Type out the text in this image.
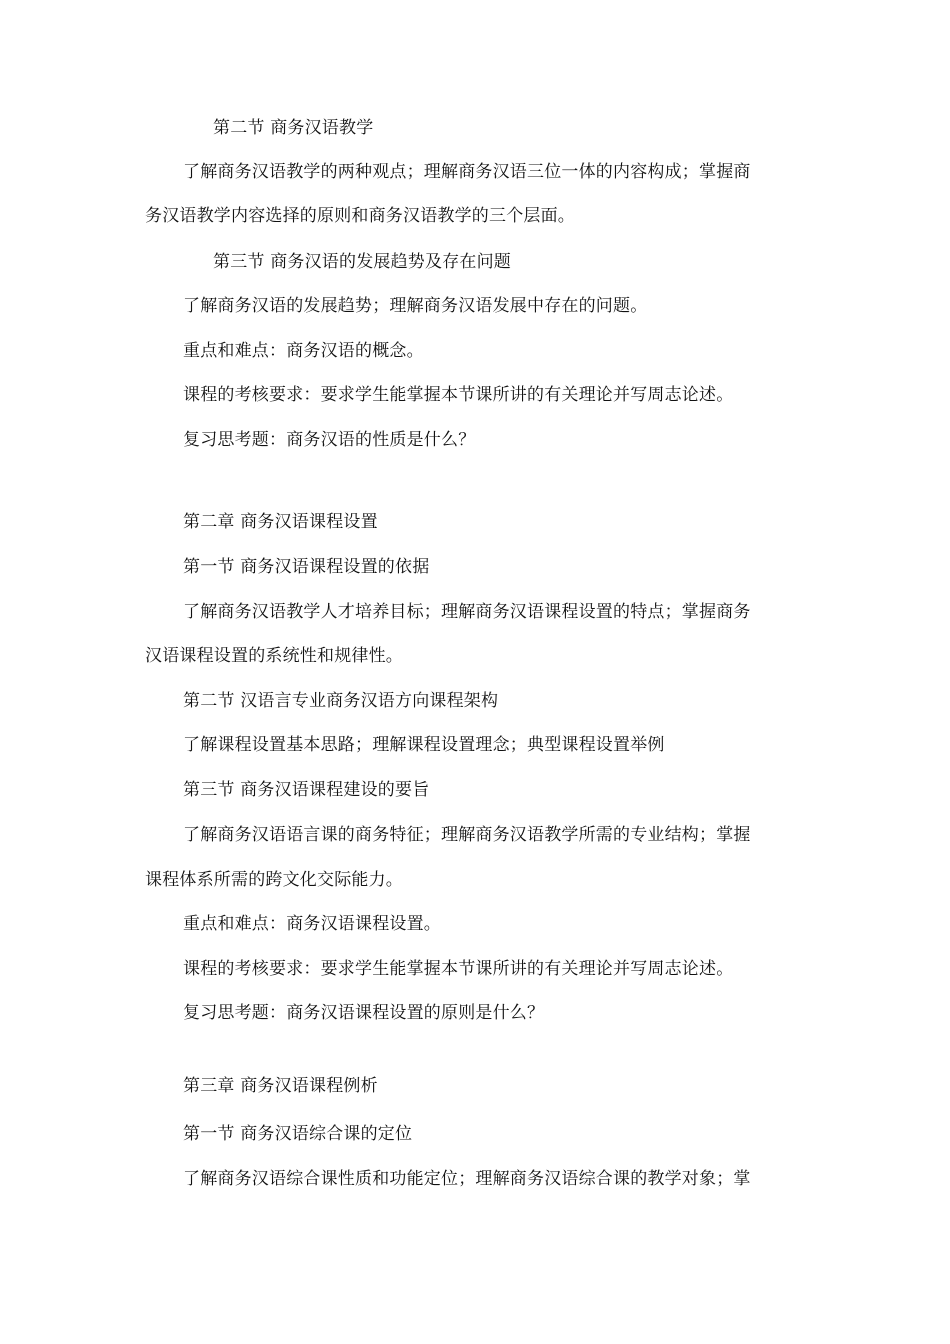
第二节 商务汉语教学
了解商务汉语教学的两种观点；理解商务汉语三位一体的内容构成；掌握商
务汉语教学内容选择的原则和商务汉语教学的三个层面。
第三节 商务汉语的发展趋势及存在问题
了解商务汉语的发展趋势；理解商务汉语发展中存在的问题。
重点和难点：商务汉语的概念。
课程的考核要求：要求学生能掌握本节课所讲的有关理论并写周志论述。
复习思考题：商务汉语的性质是什么？
第二章 商务汉语课程设置
第一节 商务汉语课程设置的依据
了解商务汉语教学人才培养目标；理解商务汉语课程设置的特点；掌握商务
汉语课程设置的系统性和规律性。
第二节 汉语言专业商务汉语方向课程架构
了解课程设置基本思路；理解课程设置理念；典型课程设置举例
第三节 商务汉语课程建设的要旨
了解商务汉语语言课的商务特征；理解商务汉语教学所需的专业结构；掌握
课程体系所需的跨文化交际能力。
重点和难点：商务汉语课程设置。
课程的考核要求：要求学生能掌握本节课所讲的有关理论并写周志论述。
复习思考题：商务汉语课程设置的原则是什么？
第三章 商务汉语课程例析
第一节 商务汉语综合课的定位
了解商务汉语综合课性质和功能定位；理解商务汉语综合课的教学对象；掌
